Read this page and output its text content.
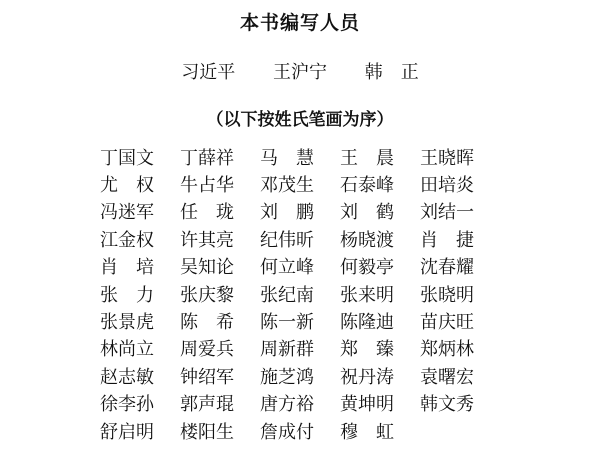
本书编写人员
习近平 王沪宁 韩　正
（以下按姓氏笔画为序）
丁国文	丁薛祥	马　慧	王　晨	王晓晖
尤　权	牛占华	邓茂生	石泰峰	田培炎
冯迷军	任　珑	刘　鹏	刘　鹤	刘结一
江金权	许其亮	纪伟昕	杨晓渡	肖　捷
肖　培	吴知论	何立峰	何毅亭	沈春耀
张　力	张庆黎	张纪南	张来明	张晓明
张景虎	陈　希	陈一新	陈隆迪	苗庆旺
林尚立	周爱兵	周新群	郑　臻	郑炳林
赵志敏	钟绍军	施芝鸿	祝丹涛	袁曙宏
徐李孙	郭声琨	唐方裕	黄坤明	韩文秀
舒启明	楼阳生	詹成付	穆　虹
